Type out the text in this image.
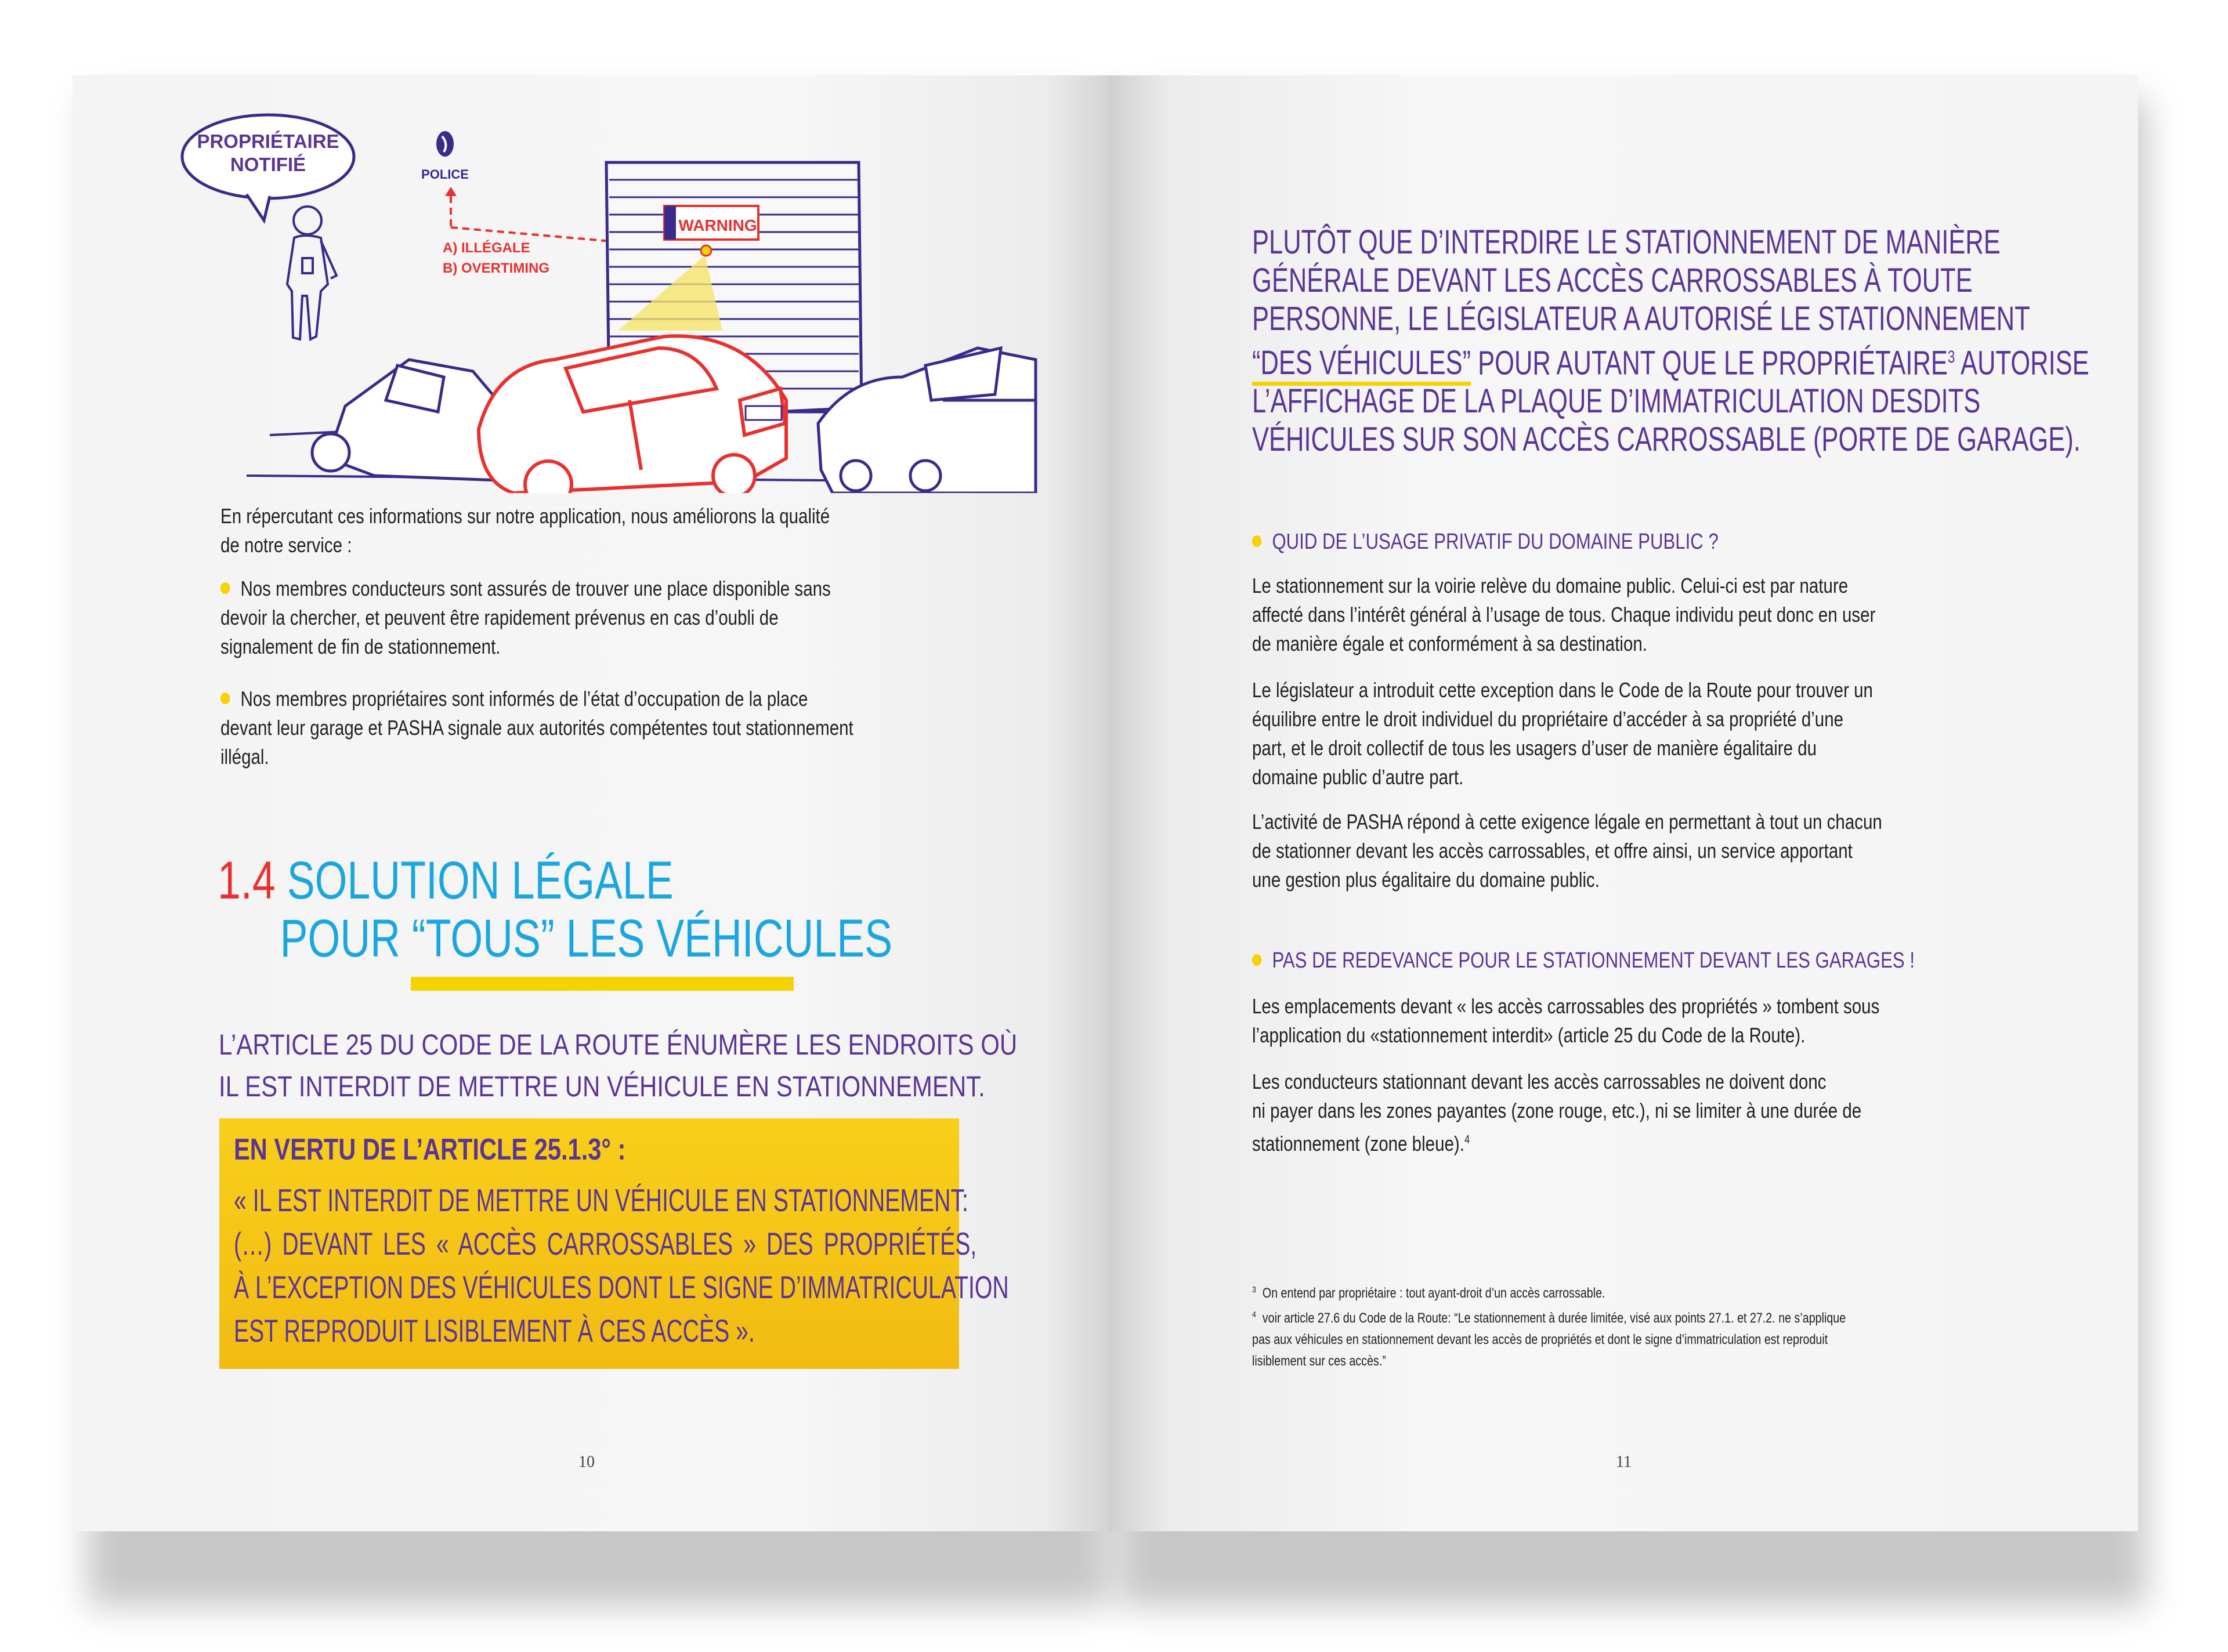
PROPRIÉTAIRE
NOTIFIÉ	POLICE
A) ILLÉGALE
B) OVERTIMING
WARNING
En répercutant ces informations sur notre application, nous améliorons la qualité
de notre service :
Nos membres conducteurs sont assurés de trouver une place disponible sans
devoir la chercher, et peuvent être rapidement prévenus en cas d’oubli de
signalement de fin de stationnement.
Nos membres propriétaires sont informés de l’état d’occupation de la place
devant leur garage et PASHA signale aux autorités compétentes tout stationnement
illégal.
1.4 SOLUTION LÉGALE
POUR “TOUS” LES VÉHICULES
L’ARTICLE 25 DU CODE DE LA ROUTE ÉNUMÈRE LES ENDROITS OÙ
IL EST INTERDIT DE METTRE UN VÉHICULE EN STATIONNEMENT.
EN VERTU DE L’ARTICLE 25.1.3° :
« IL EST INTERDIT DE METTRE UN VÉHICULE EN STATIONNEMENT:
(…) DEVANT LES « ACCÈS CARROSSABLES » DES PROPRIÉTÉS,
À L’EXCEPTION DES VÉHICULES DONT LE SIGNE D’IMMATRICULATION
EST REPRODUIT LISIBLEMENT À CES ACCÈS ».
10
PLUTÔT QUE D’INTERDIRE LE STATIONNEMENT DE MANIÈRE
GÉNÉRALE DEVANT LES ACCÈS CARROSSABLES À TOUTE
PERSONNE, LE LÉGISLATEUR A AUTORISÉ LE STATIONNEMENT
“DES VÉHICULES” POUR AUTANT QUE LE PROPRIÉTAIRE$^3$ AUTORISE
L’AFFICHAGE DE LA PLAQUE D’IMMATRICULATION DESDITS
VÉHICULES SUR SON ACCÈS CARROSSABLE (PORTE DE GARAGE).
QUID DE L’USAGE PRIVATIF DU DOMAINE PUBLIC ?
Le stationnement sur la voirie relève du domaine public. Celui-ci est par nature
affecté dans l’intérêt général à l’usage de tous. Chaque individu peut donc en user
de manière égale et conformément à sa destination.
Le législateur a introduit cette exception dans le Code de la Route pour trouver un
équilibre entre le droit individuel du propriétaire d’accéder à sa propriété d’une
part, et le droit collectif de tous les usagers d’user de manière égalitaire du
domaine public d’autre part.
L’activité de PASHA répond à cette exigence légale en permettant à tout un chacun
de stationner devant les accès carrossables, et offre ainsi, un service apportant
une gestion plus égalitaire du domaine public.
PAS DE REDEVANCE POUR LE STATIONNEMENT DEVANT LES GARAGES !
Les emplacements devant « les accès carrossables des propriétés » tombent sous
l’application du «stationnement interdit» (article 25 du Code de la Route).
Les conducteurs stationnant devant les accès carrossables ne doivent donc
ni payer dans les zones payantes (zone rouge, etc.), ni se limiter à une durée de
stationnement (zone bleue).$^4$
$^3$ On entend par propriétaire : tout ayant-droit d’un accès carrossable.
$^4$ voir article 27.6 du Code de la Route: “Le stationnement à durée limitée, visé aux points 27.1. et 27.2. ne s’applique
pas aux véhicules en stationnement devant les accès de propriétés et dont le signe d’immatriculation est reproduit
lisiblement sur ces accès.”
11
